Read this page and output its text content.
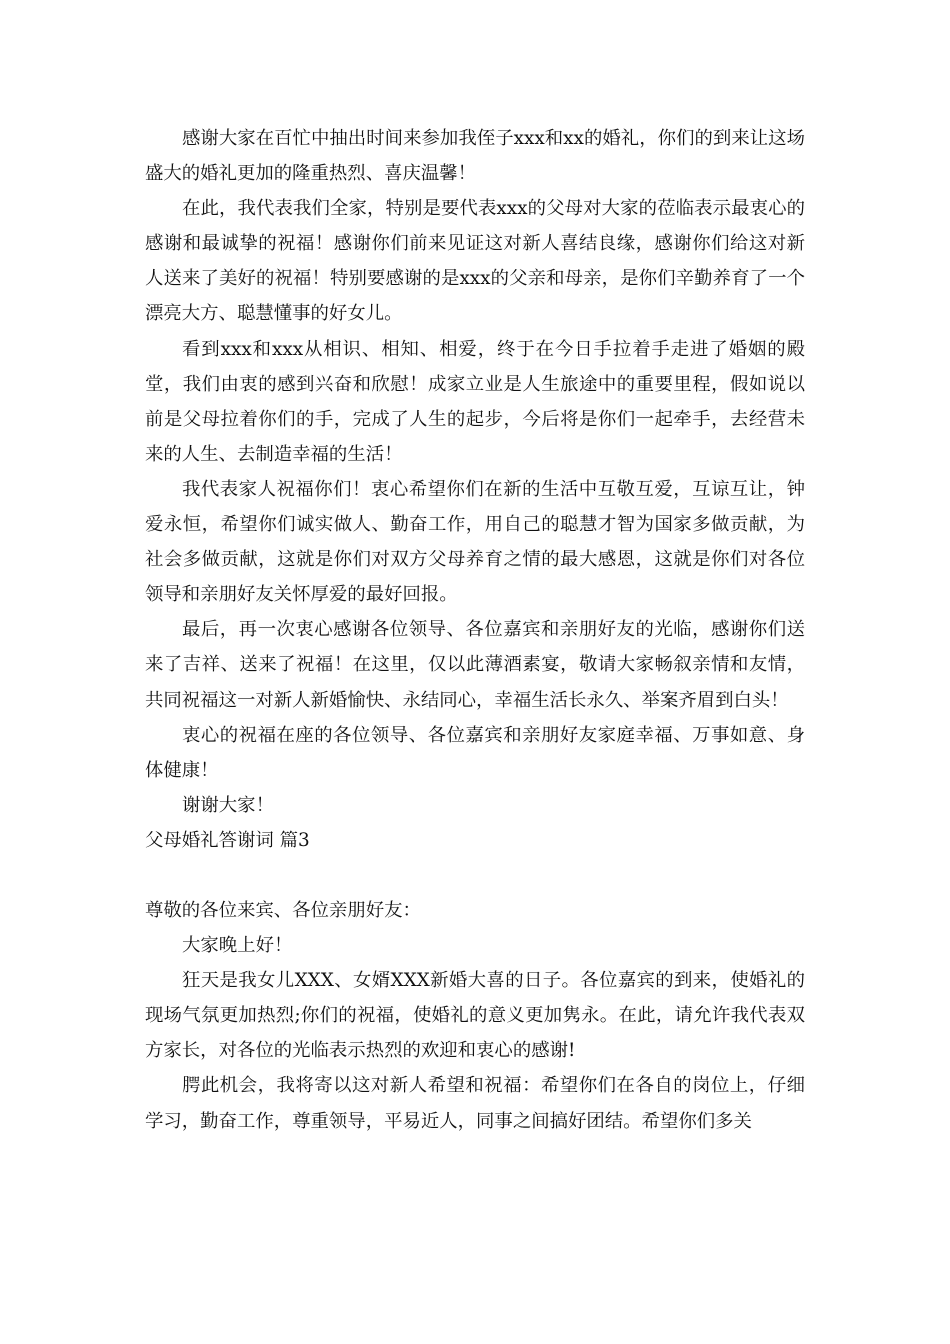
感谢大家在百忙中抽出时间来参加我侄子xxx和xx的婚礼，你们的到来让这场盛大的婚礼更加的隆重热烈、喜庆温馨！

在此，我代表我们全家，特别是要代表xxx的父母对大家的莅临表示最衷心的感谢和最诚挚的祝福！感谢你们前来见证这对新人喜结良缘，感谢你们给这对新人送来了美好的祝福！特别要感谢的是xxx的父亲和母亲，是你们辛勤养育了一个漂亮大方、聪慧懂事的好女儿。

看到xxx和xxx从相识、相知、相爱，终于在今日手拉着手走进了婚姻的殿堂，我们由衷的感到兴奋和欣慰！成家立业是人生旅途中的重要里程，假如说以前是父母拉着你们的手，完成了人生的起步，今后将是你们一起牵手，去经营未来的人生、去制造幸福的生活！

我代表家人祝福你们！衷心希望你们在新的生活中互敬互爱，互谅互让，钟爱永恒，希望你们诚实做人、勤奋工作，用自己的聪慧才智为国家多做贡献，为社会多做贡献，这就是你们对双方父母养育之情的最大感恩，这就是你们对各位领导和亲朋好友关怀厚爱的最好回报。

最后，再一次衷心感谢各位领导、各位嘉宾和亲朋好友的光临，感谢你们送来了吉祥、送来了祝福！在这里，仅以此薄酒素宴，敬请大家畅叙亲情和友情，共同祝福这一对新人新婚愉快、永结同心，幸福生活长永久、举案齐眉到白头！

衷心的祝福在座的各位领导、各位嘉宾和亲朋好友家庭幸福、万事如意、身体健康！

谢谢大家！

父母婚礼答谢词 篇3

尊敬的各位来宾、各位亲朋好友：

大家晚上好！

狂天是我女儿XXX、女婿XXX新婚大喜的日子。各位嘉宾的到来，使婚礼的现场气氛更加热烈;你们的祝福，使婚礼的意义更加隽永。在此，请允许我代表双方家长，对各位的光临表示热烈的欢迎和衷心的感谢!

腭此机会，我将寄以这对新人希望和祝福：希望你们在各自的岗位上，仔细学习，勤奋工作，尊重领导，平易近人，同事之间搞好团结。希望你们多关
